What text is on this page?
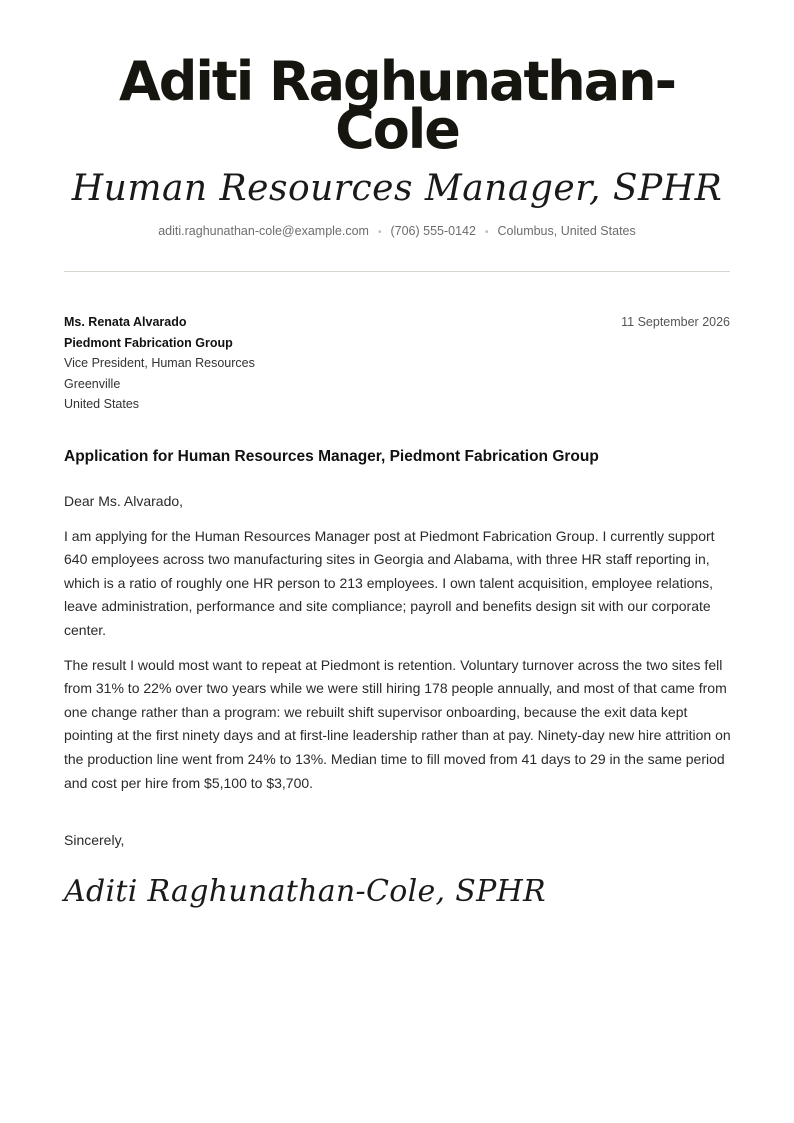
Aditi Raghunathan-Cole
Human Resources Manager, SPHR
aditi.raghunathan-cole@example.com • (706) 555-0142 • Columbus, United States
Ms. Renata Alvarado
Piedmont Fabrication Group
Vice President, Human Resources
Greenville
United States
11 September 2026
Application for Human Resources Manager, Piedmont Fabrication Group

Dear Ms. Alvarado,

I am applying for the Human Resources Manager post at Piedmont Fabrication Group. I currently support 640 employees across two manufacturing sites in Georgia and Alabama, with three HR staff reporting in, which is a ratio of roughly one HR person to 213 employees. I own talent acquisition, employee relations, leave administration, performance and site compliance; payroll and benefits design sit with our corporate center.

The result I would most want to repeat at Piedmont is retention. Voluntary turnover across the two sites fell from 31% to 22% over two years while we were still hiring 178 people annually, and most of that came from one change rather than a program: we rebuilt shift supervisor onboarding, because the exit data kept pointing at the first ninety days and at first-line leadership rather than at pay. Ninety-day new hire attrition on the production line went from 24% to 13%. Median time to fill moved from 41 days to 29 in the same period and cost per hire from $5,100 to $3,700.

Sincerely,
Aditi Raghunathan-Cole, SPHR
